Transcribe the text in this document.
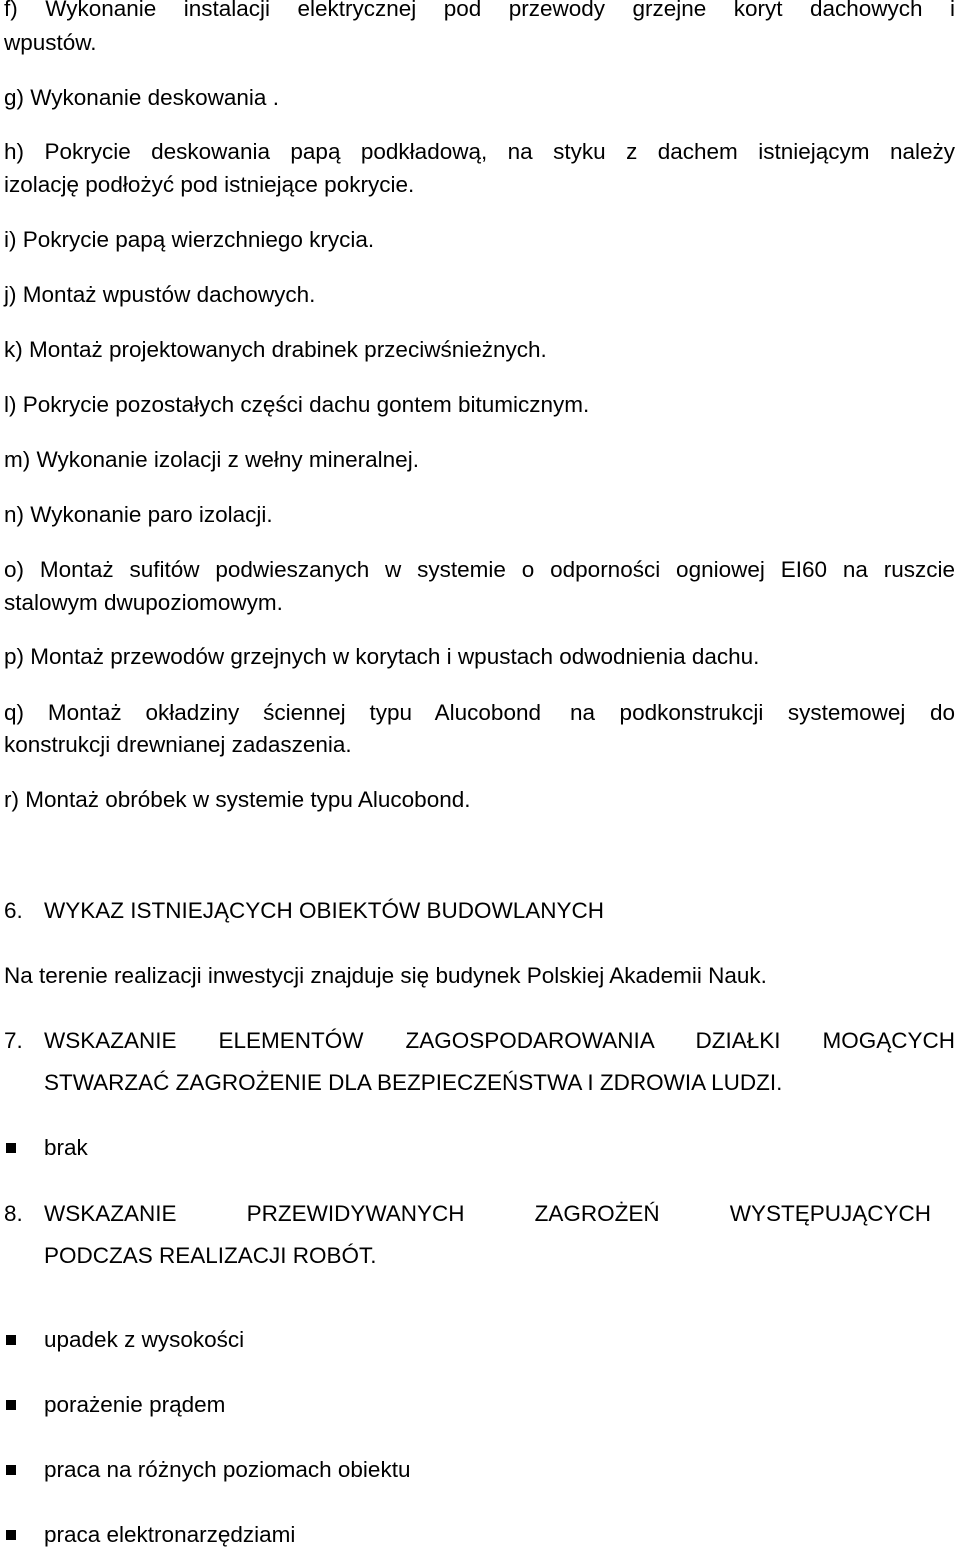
f) Wykonanie instalacji elektrycznej pod przewody grzejne koryt dachowych i
wpustów.
g) Wykonanie deskowania .
h) Pokrycie deskowania papą podkładową, na styku z dachem istniejącym należy
izolację podłożyć pod istniejące pokrycie.
i) Pokrycie papą wierzchniego krycia.
j) Montaż wpustów dachowych.
k) Montaż projektowanych drabinek przeciwśnieżnych.
l) Pokrycie pozostałych części dachu gontem bitumicznym.
m) Wykonanie izolacji z wełny mineralnej.
n) Wykonanie paro izolacji.
o) Montaż sufitów podwieszanych w systemie o odporności ogniowej EI60 na ruszcie
stalowym dwupoziomowym.
p) Montaż przewodów grzejnych w korytach i wpustach odwodnienia dachu.
q) Montaż okładziny ściennej typu Alucobond na podkonstrukcji systemowej do
konstrukcji drewnianej zadaszenia.
r) Montaż obróbek w systemie typu Alucobond.
6. WYKAZ ISTNIEJĄCYCH OBIEKTÓW BUDOWLANYCH
Na terenie realizacji inwestycji znajduje się budynek Polskiej Akademii Nauk.
7. WSKAZANIE ELEMENTÓW ZAGOSPODAROWANIA DZIAŁKI MOGĄCYCH
STWARZAĆ ZAGROŻENIE DLA BEZPIECZEŃSTWA I ZDROWIA LUDZI.
brak
8. WSKAZANIE PRZEWIDYWANYCH ZAGROŻEŃ WYSTĘPUJĄCYCH
PODCZAS REALIZACJI ROBÓT.
upadek z wysokości
porażenie prądem
praca na różnych poziomach obiektu
praca elektronarzędziami
